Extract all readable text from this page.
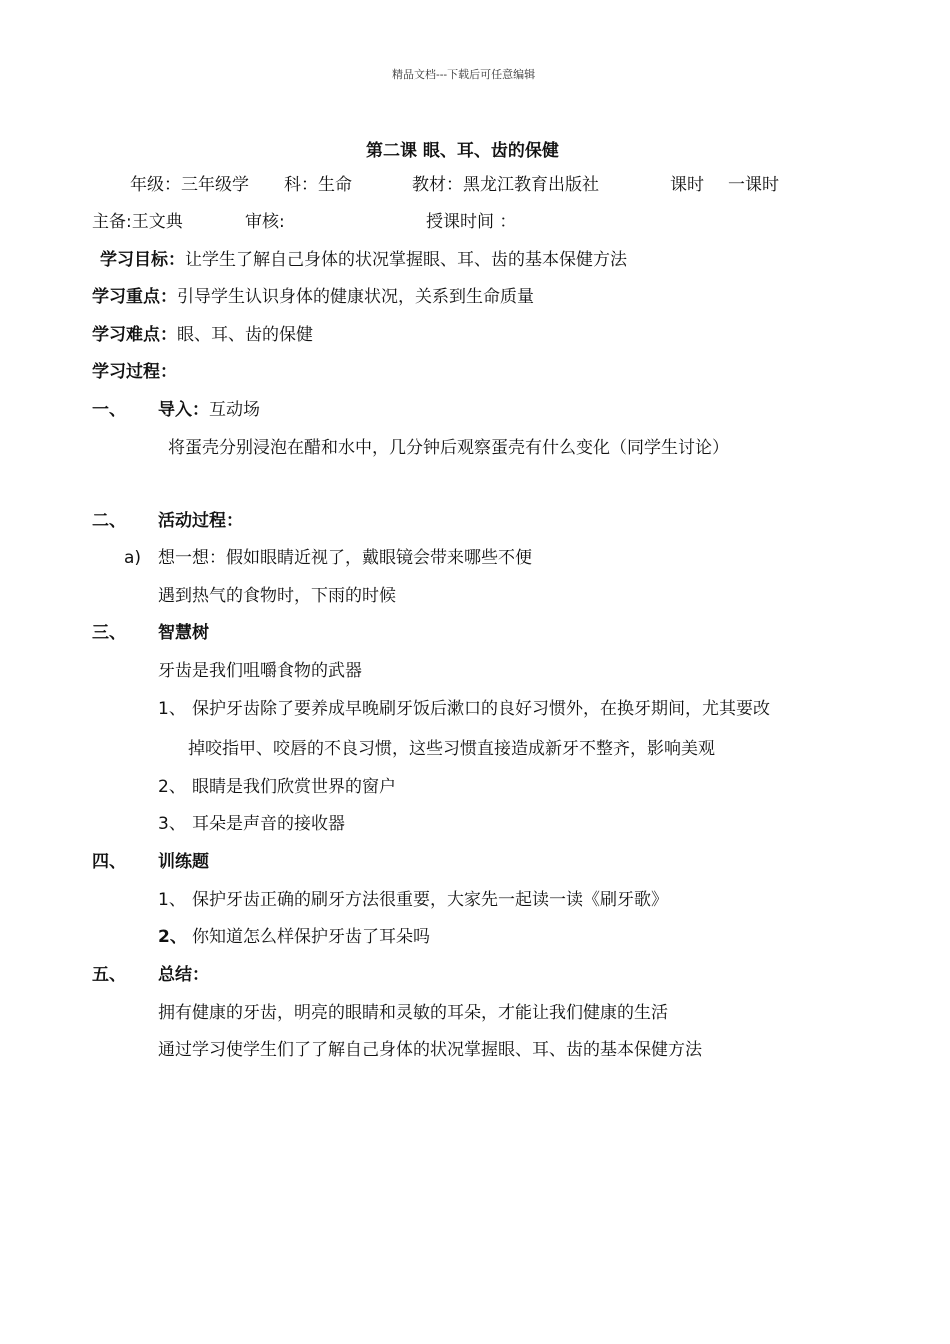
精品文档---下载后可任意编辑
第二课 眼、耳、齿的保健
年级：三年级学 科：生命	教材：黑龙江教育出版社	课时 一课时
主备:王文典	审核:	授课时间 ：
学习目标：让学生了解自己身体的状况掌握眼、耳、齿的基本保健方法
学习重点：引导学生认识身体的健康状况，关系到生命质量
学习难点：眼、耳、齿的保健
学习过程：
一、 导入：互动场
将蛋壳分别浸泡在醋和水中，几分钟后观察蛋壳有什么变化（同学生讨论）
二、 活动过程：
a) 想一想：假如眼睛近视了，戴眼镜会带来哪些不便
遇到热气的食物时，下雨的时候
三、 智慧树
牙齿是我们咀嚼食物的武器
1、 保护牙齿除了要养成早晚刷牙饭后漱口的良好习惯外，在换牙期间，尤其要改
掉咬指甲、咬唇的不良习惯，这些习惯直接造成新牙不整齐，影响美观
2、 眼睛是我们欣赏世界的窗户
3、 耳朵是声音的接收器
四、 训练题
1、 保护牙齿正确的刷牙方法很重要，大家先一起读一读《刷牙歌》
2、 你知道怎么样保护牙齿了耳朵吗
五、 总结：
拥有健康的牙齿，明亮的眼睛和灵敏的耳朵，才能让我们健康的生活
通过学习使学生们了了解自己身体的状况掌握眼、耳、齿的基本保健方法
